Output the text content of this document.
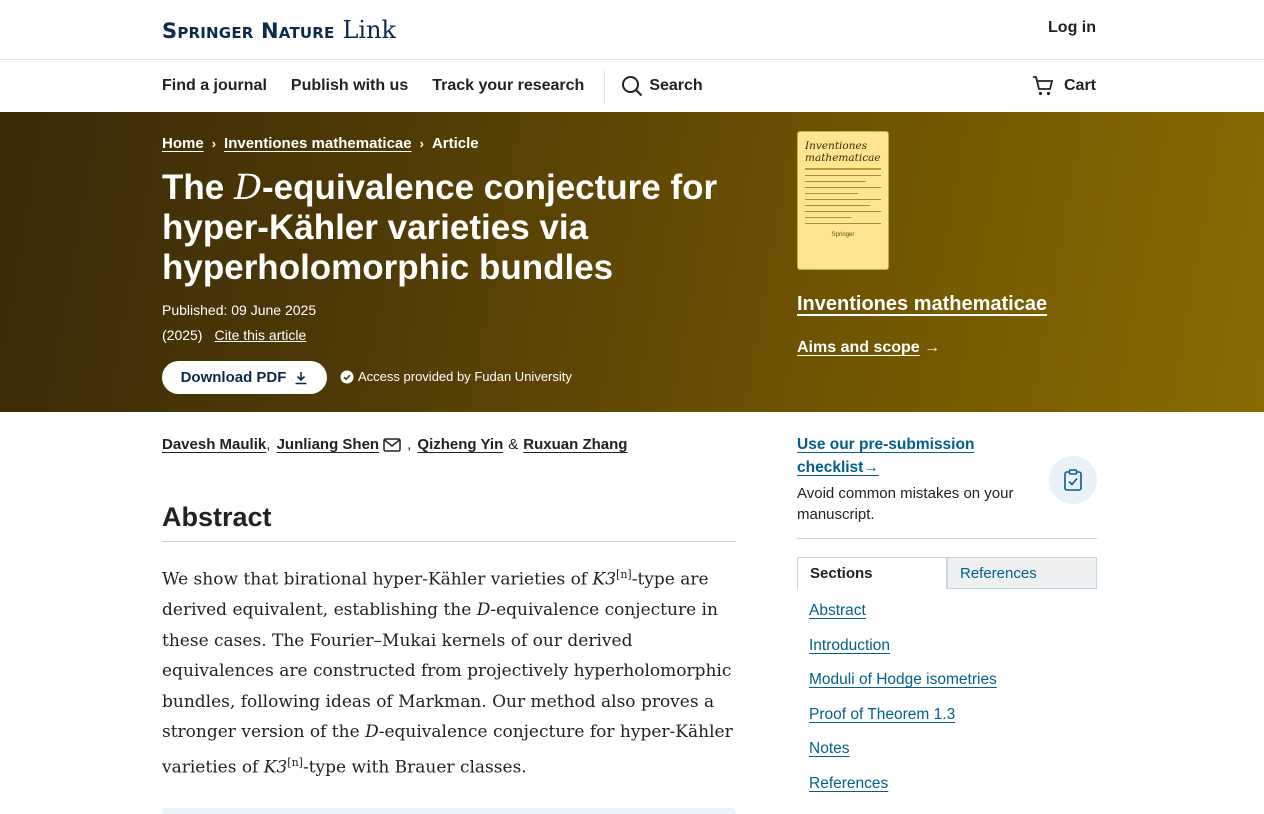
Springer Nature Link	Log in
Find a journal Publish with us Track your research	Search	Cart
Home › Inventiones mathematicae › Article
The D-equivalence conjecture for hyper-Kähler varieties via hyperholomorphic bundles
Published: 09 June 2025
(2025) Cite this article
Download PDF	Access provided by Fudan University
Inventiones mathematicae
Springer
Inventiones mathematicae
Aims and scope →
Davesh Maulik , Junliang Shen , Qizheng Yin & Ruxuan Zhang
Abstract

We show that birational hyper-Kähler varieties of K3[n]-type are derived equivalent, establishing the D-equivalence conjecture in these cases. The Fourier–Mukai kernels of our derived equivalences are constructed from projectively hyperholomorphic bundles, following ideas of Markman. Our method also proves a stronger version of the D-equivalence conjecture for hyper-Kähler varieties of K3[n]-type with Brauer classes.

Use our pre-submission checklist→
Avoid common mistakes on your manuscript.
Sections	References
Abstract
Introduction
Moduli of Hodge isometries
Proof of Theorem 1.3
Notes
References
